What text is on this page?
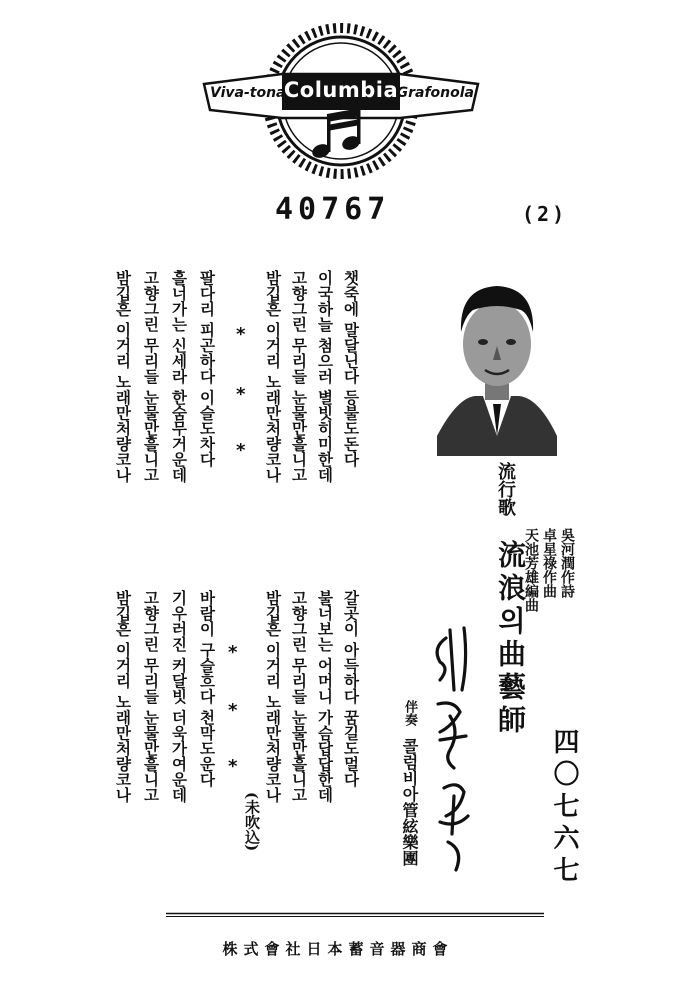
Viva-tonal
Columbia
Grafonola
40767	(2)
流行歌
流浪의曲藝師 吳河潤作詩
卓星祿作曲
天池芳雄編曲
四〇七六七
伴奏
콜럼비아管絃樂團
챗죽에 말달닌다 등불도돈다
이국하늘 첨으러 별빗히미한데
고향그린 무리들 눈물만흘니고
밤깁흔 이거리 노래만처량코나
*
*
*
팔다리 피곤하다 이슬도차다
흘너가는 신세라 한숨무거운데
고향그린 무리들 눈물만흘니고
밤깁흔 이거리 노래만처량코나
갈곳이 아득하다 꿈길도멀다
불너보는 어머니 가슴답답한데
고향그린 무리들 눈물만흘니고
밤깁흔 이거리 노래만처량코나
(未吹込)
*
*
*
바람이 구슬흐다 천막도운다
기우러진 커달빗 더욱가여운데
고향그린 무리들 눈물만흘니고
밤깁흔 이거리 노래만처량코나
株式會社日本蓄音器商會
